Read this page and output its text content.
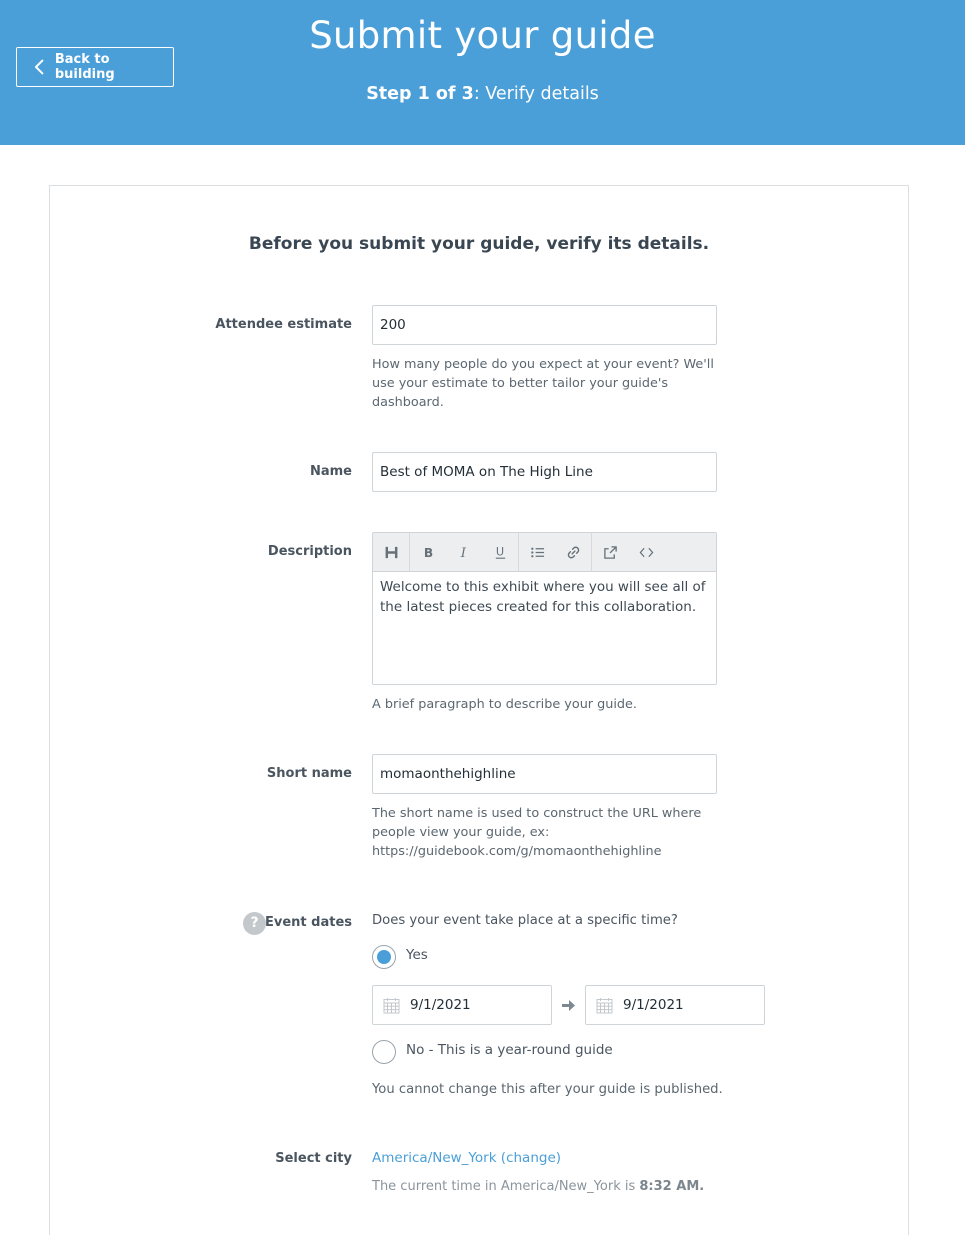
Back to building
Submit your guide
Step 1 of 3: Verify details
Before you submit your guide, verify its details.
Attendee estimate	200
How many people do you expect at your event? We'll use your estimate to better tailor your guide's dashboard.
Name	Best of MOMA on The High Line
Description	B I U
Welcome to this exhibit where you will see all of the latest pieces created for this collaboration.
A brief paragraph to describe your guide.
Short name	momaonthehighline
The short name is used to construct the URL where people view your guide, ex: https://guidebook.com/g/momaonthehighline
? Event dates Does your event take place at a specific time?
Yes
9/1/2021	9/1/2021
No - This is a year-round guide
You cannot change this after your guide is published.
Select city America/New_York (change)
The current time in America/New_York is 8:32 AM.
